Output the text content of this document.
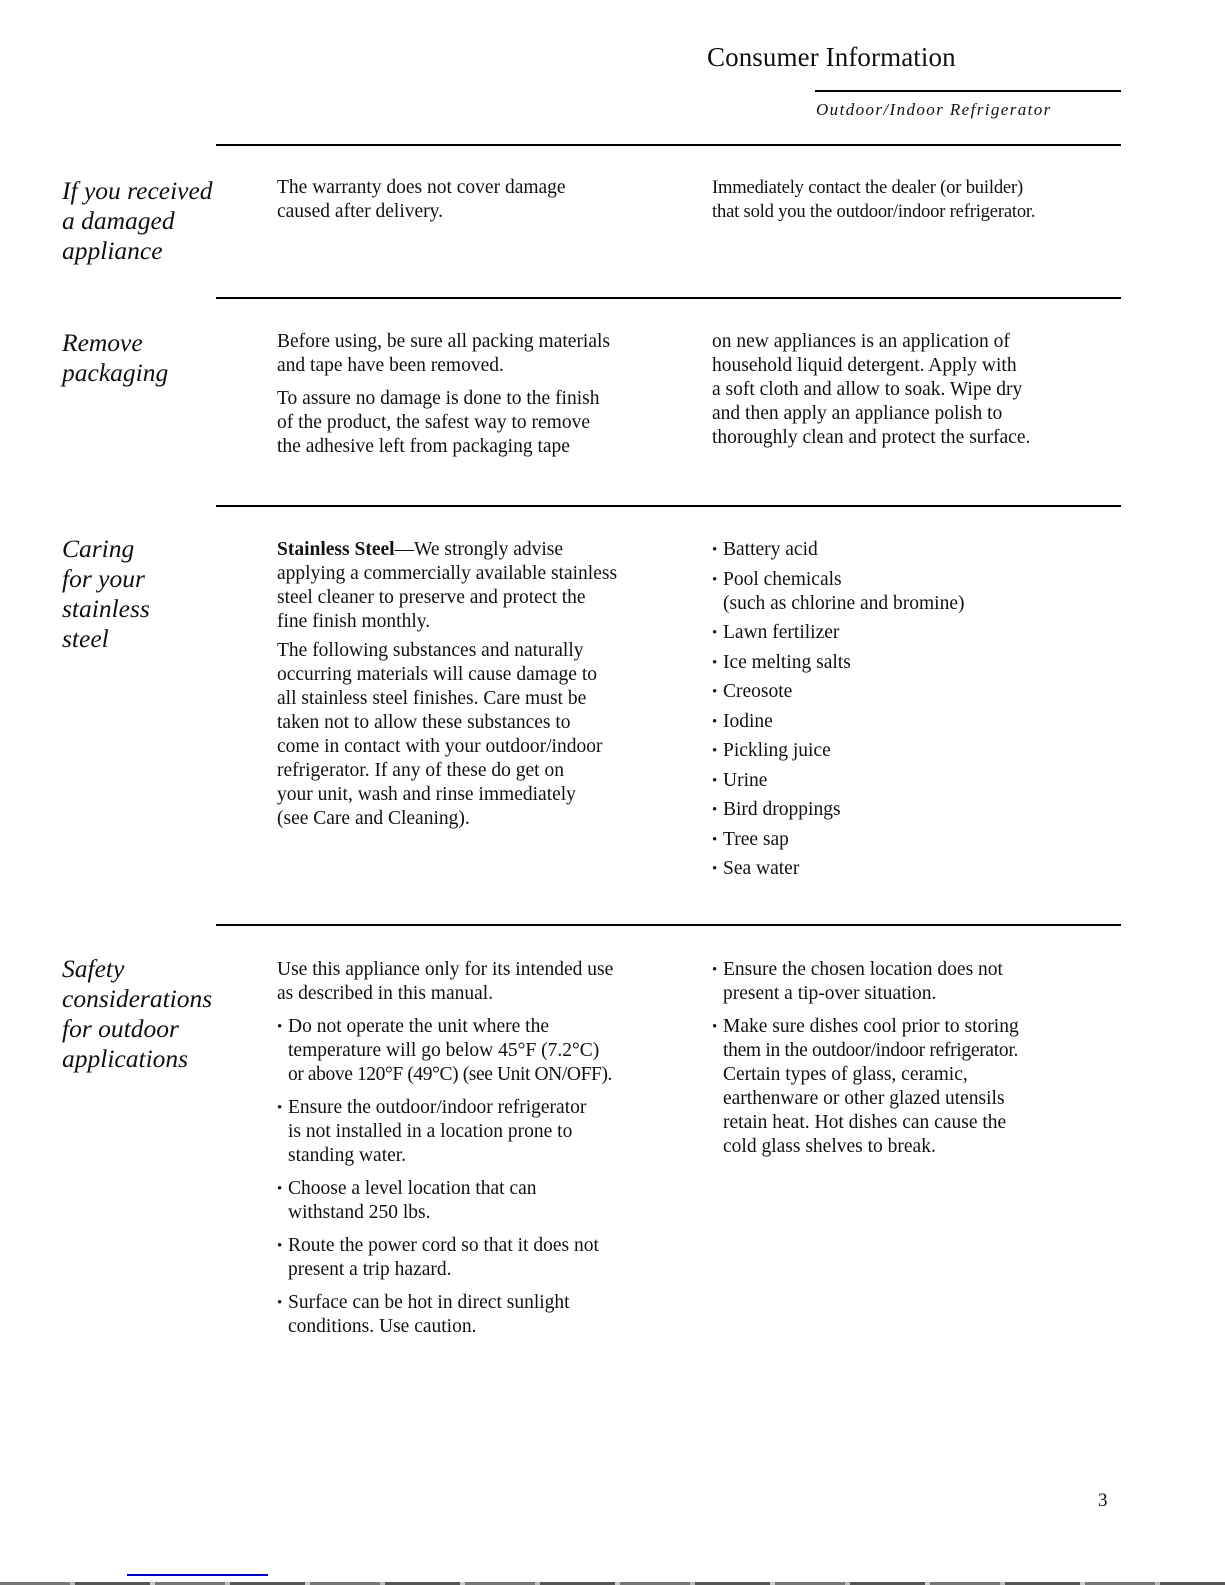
Consumer Information
Outdoor/Indoor Refrigerator
If you received
a damaged
appliance
The warranty does not cover damage
caused after delivery.
Immediately contact the dealer (or builder)
that sold you the outdoor/indoor refrigerator.
Remove
packaging
Before using, be sure all packing materials
and tape have been removed.
To assure no damage is done to the finish
of the product, the safest way to remove
the adhesive left from packaging tape
on new appliances is an application of
household liquid detergent. Apply with
a soft cloth and allow to soak. Wipe dry
and then apply an appliance polish to
thoroughly clean and protect the surface.
Caring
for your
stainless
steel
Stainless Steel—We strongly advise
applying a commercially available stainless
steel cleaner to preserve and protect the
fine finish monthly.
The following substances and naturally
occurring materials will cause damage to
all stainless steel finishes. Care must be
taken not to allow these substances to
come in contact with your outdoor/indoor
refrigerator. If any of these do get on
your unit, wash and rinse immediately
(see Care and Cleaning).
• Battery acid
• Pool chemicals
(such as chlorine and bromine)
• Lawn fertilizer
• Ice melting salts
• Creosote
• Iodine
• Pickling juice
• Urine
• Bird droppings
• Tree sap
• Sea water
Safety
considerations
for outdoor
applications
Use this appliance only for its intended use
as described in this manual.
• Do not operate the unit where the
temperature will go below 45°F (7.2°C)
or above 120°F (49°C) (see Unit ON/OFF).
• Ensure the outdoor/indoor refrigerator
is not installed in a location prone to
standing water.
• Choose a level location that can
withstand 250 lbs.
• Route the power cord so that it does not
present a trip hazard.
• Surface can be hot in direct sunlight
conditions. Use caution.
• Ensure the chosen location does not
present a tip-over situation.
• Make sure dishes cool prior to storing
them in the outdoor/indoor refrigerator.
Certain types of glass, ceramic,
earthenware or other glazed utensils
retain heat. Hot dishes can cause the
cold glass shelves to break.
3
